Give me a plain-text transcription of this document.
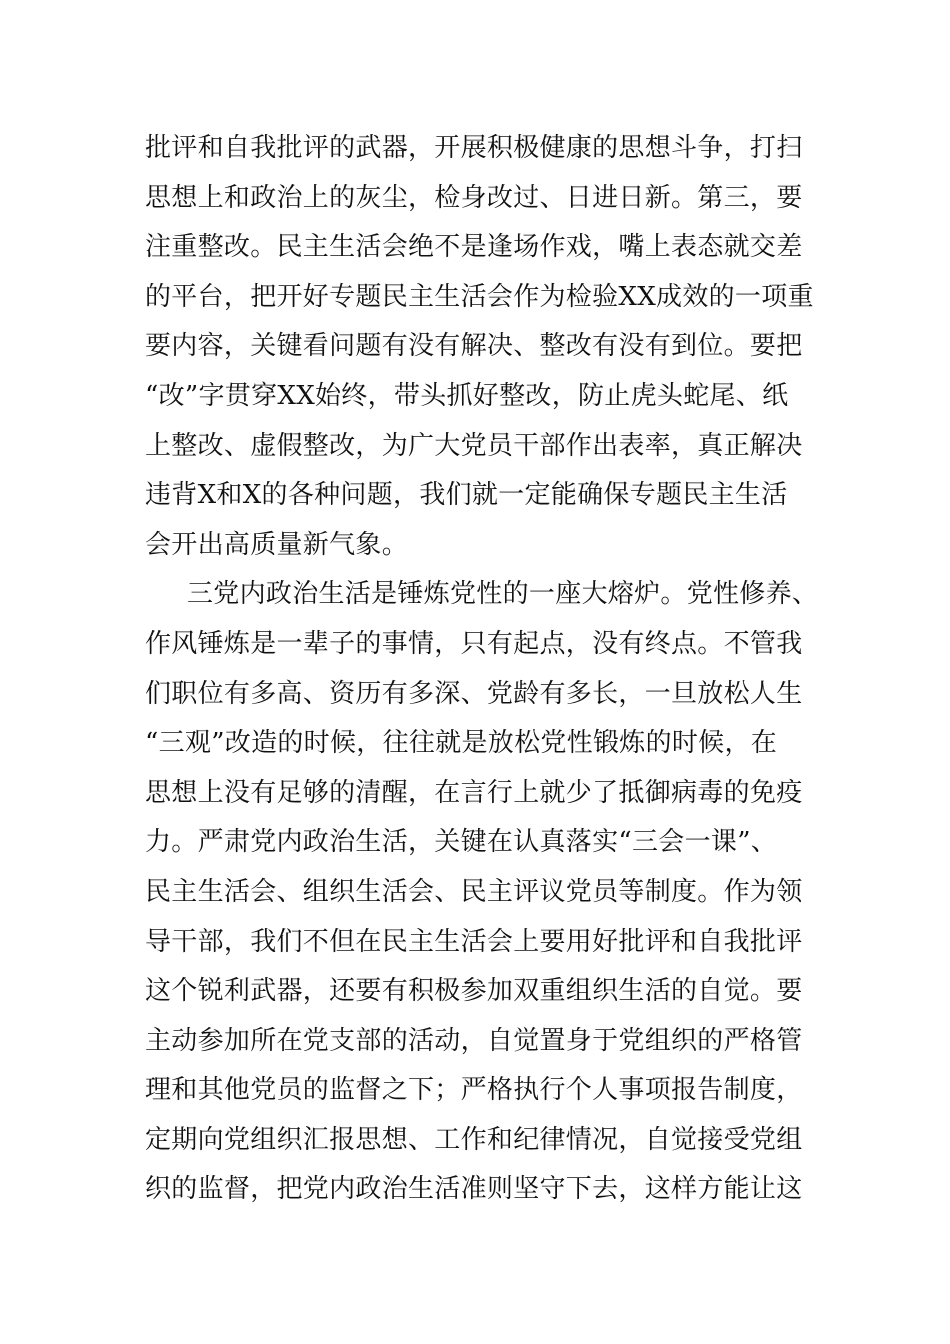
批评和自我批评的武器，开展积极健康的思想斗争，打扫
思想上和政治上的灰尘，检身改过、日进日新。第三，要
注重整改。民主生活会绝不是逢场作戏，嘴上表态就交差
的平台，把开好专题民主生活会作为检验XX成效的一项重
要内容，关键看问题有没有解决、整改有没有到位。要把
“改”字贯穿XX始终，带头抓好整改，防止虎头蛇尾、纸
上整改、虚假整改，为广大党员干部作出表率，真正解决
违背X和X的各种问题，我们就一定能确保专题民主生活
会开出高质量新气象。
三党内政治生活是锤炼党性的一座大熔炉。党性修养、
作风锤炼是一辈子的事情，只有起点，没有终点。不管我
们职位有多高、资历有多深、党龄有多长，一旦放松人生
“三观”改造的时候，往往就是放松党性锻炼的时候，在
思想上没有足够的清醒，在言行上就少了抵御病毒的免疫
力。严肃党内政治生活，关键在认真落实“三会一课”、
民主生活会、组织生活会、民主评议党员等制度。作为领
导干部，我们不但在民主生活会上要用好批评和自我批评
这个锐利武器，还要有积极参加双重组织生活的自觉。要
主动参加所在党支部的活动，自觉置身于党组织的严格管
理和其他党员的监督之下；严格执行个人事项报告制度，
定期向党组织汇报思想、工作和纪律情况，自觉接受党组
织的监督，把党内政治生活准则坚守下去，这样方能让这
